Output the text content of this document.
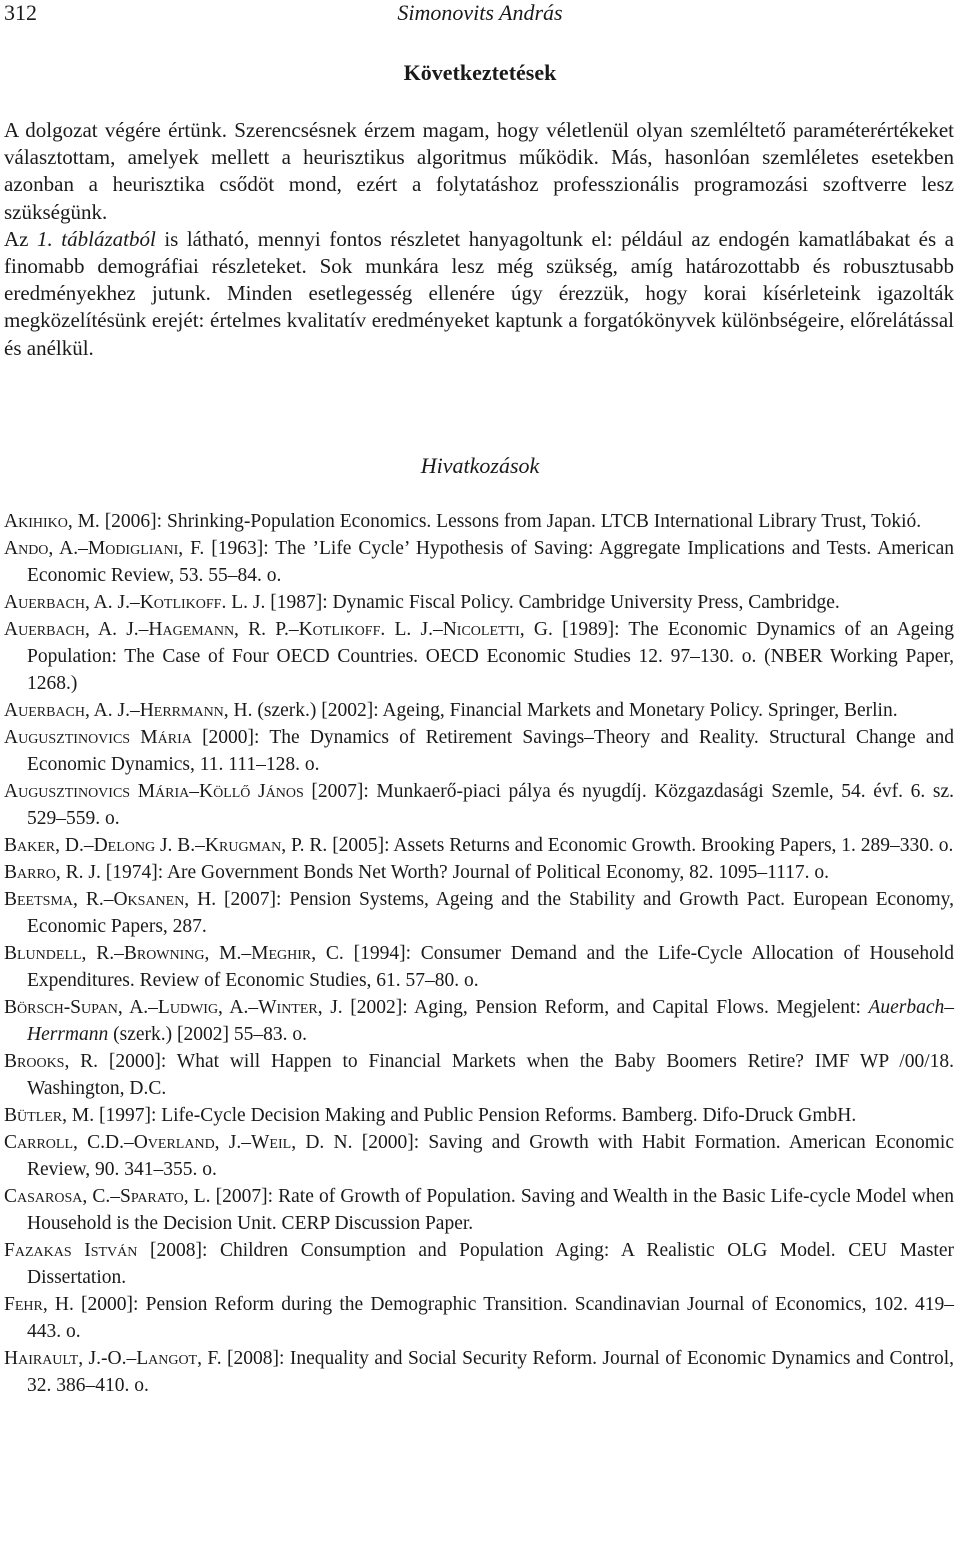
312	Simonovits András
Következtetések

A dolgozat végére értünk. Szerencsésnek érzem magam, hogy véletlenül olyan szemléltető paraméterértékeket választottam, amelyek mellett a heurisztikus algoritmus működik. Más, hasonlóan szemléletes esetekben azonban a heurisztika csődöt mond, ezért a folytatáshoz professzionális programozási szoftverre lesz szükségünk.

Az 1. táblázatból is látható, mennyi fontos részletet hanyagoltunk el: például az endogén kamatlábakat és a finomabb demográfiai részleteket. Sok munkára lesz még szükség, amíg határozottabb és robusztusabb eredményekhez jutunk. Minden esetlegesség ellenére úgy érezzük, hogy korai kísérleteink igazolták megközelítésünk erejét: értelmes kvalitatív eredményeket kaptunk a forgatókönyvek különbségeire, előrelátással és anélkül.

Hivatkozások

Akihiko, M. [2006]: Shrinking-Population Economics. Lessons from Japan. LTCB International Library Trust, Tokió.

Ando, A.–Modigliani, F. [1963]: The ’Life Cycle’ Hypothesis of Saving: Aggregate Implications and Tests. American Economic Review, 53. 55–84. o.

Auerbach, A. J.–Kotlikoff. L. J. [1987]: Dynamic Fiscal Policy. Cambridge University Press, Cambridge.

Auerbach, A. J.–Hagemann, R. P.–Kotlikoff. L. J.–Nicoletti, G. [1989]: The Economic Dynamics of an Ageing Population: The Case of Four OECD Countries. OECD Economic Studies 12. 97–130. o. (NBER Working Paper, 1268.)

Auerbach, A. J.–Herrmann, H. (szerk.) [2002]: Ageing, Financial Markets and Monetary Policy. Springer, Berlin.

Augusztinovics Mária [2000]: The Dynamics of Retirement Savings–Theory and Reality. Structural Change and Economic Dynamics, 11. 111–128. o.

Augusztinovics Mária–Köllő János [2007]: Munkaerő-piaci pálya és nyugdíj. Közgazdasági Szemle, 54. évf. 6. sz. 529–559. o.

Baker, D.–Delong J. B.–Krugman, P. R. [2005]: Assets Returns and Economic Growth. Brooking Papers, 1. 289–330. o.

Barro, R. J. [1974]: Are Government Bonds Net Worth? Journal of Political Economy, 82. 1095–1117. o.

Beetsma, R.–Oksanen, H. [2007]: Pension Systems, Ageing and the Stability and Growth Pact. European Economy, Economic Papers, 287.

Blundell, R.–Browning, M.–Meghir, C. [1994]: Consumer Demand and the Life-Cycle Allocation of Household Expenditures. Review of Economic Studies, 61. 57–80. o.

Börsch-Supan, A.–Ludwig, A.–Winter, J. [2002]: Aging, Pension Reform, and Capital Flows. Megjelent: Auerbach–Herrmann (szerk.) [2002] 55–83. o.

Brooks, R. [2000]: What will Happen to Financial Markets when the Baby Boomers Retire? IMF WP /00/18. Washington, D.C.

Bütler, M. [1997]: Life-Cycle Decision Making and Public Pension Reforms. Bamberg. Difo-Druck GmbH.

Carroll, C.D.–Overland, J.–Weil, D. N. [2000]: Saving and Growth with Habit Formation. American Economic Review, 90. 341–355. o.

Casarosa, C.–Sparato, L. [2007]: Rate of Growth of Population. Saving and Wealth in the Basic Life-cycle Model when Household is the Decision Unit. CERP Discussion Paper.

Fazakas István [2008]: Children Consumption and Population Aging: A Realistic OLG Model. CEU Master Dissertation.

Fehr, H. [2000]: Pension Reform during the Demographic Transition. Scandinavian Journal of Economics, 102. 419–443. o.

Hairault, J.-O.–Langot, F. [2008]: Inequality and Social Security Reform. Journal of Economic Dynamics and Control, 32. 386–410. o.
